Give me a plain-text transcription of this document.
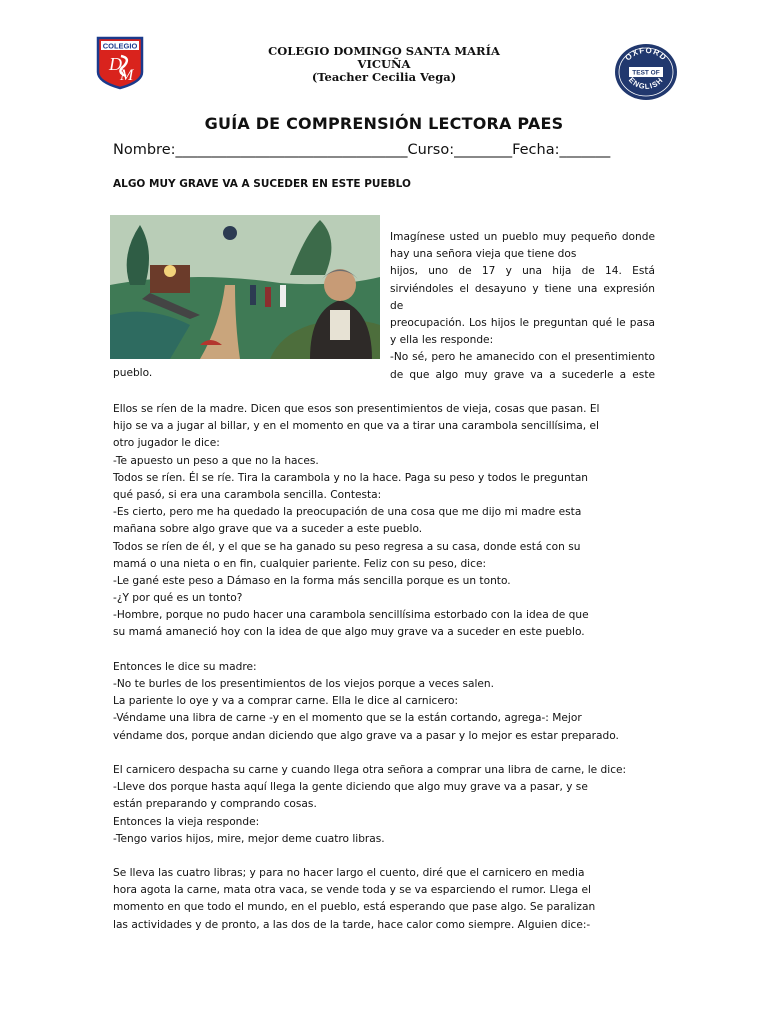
COLEGIO
D
M
COLEGIO DOMINGO SANTA MARÍA
VICUÑA
(Teacher Cecilia Vega)
OXFORD
TEST OF
ENGLISH
GUÍA DE COMPRENSIÓN LECTORA PAES
Nombre:________________________________Curso:________Fecha:_______
ALGO MUY GRAVE VA A SUCEDER EN ESTE PUEBLO

Imagínese usted un pueblo muy pequeño donde

hay una señora vieja que tiene dos

hijos, uno de 17 y una hija de 14. Está

sirviéndoles el desayuno y tiene una expresión de

preocupación. Los hijos le preguntan qué le pasa

y ella les responde:

-No sé, pero he amanecido con el presentimiento

de que algo muy grave va a sucederle a este

pueblo.
Ellos se ríen de la madre. Dicen que esos son presentimientos de vieja, cosas que pasan. El
hijo se va a jugar al billar, y en el momento en que va a tirar una carambola sencillísima, el
otro jugador le dice:
-Te apuesto un peso a que no la haces.
Todos se ríen. Él se ríe. Tira la carambola y no la hace. Paga su peso y todos le preguntan
qué pasó, si era una carambola sencilla. Contesta:
-Es cierto, pero me ha quedado la preocupación de una cosa que me dijo mi madre esta
mañana sobre algo grave que va a suceder a este pueblo.
Todos se ríen de él, y el que se ha ganado su peso regresa a su casa, donde está con su
mamá o una nieta o en fin, cualquier pariente. Feliz con su peso, dice:
-Le gané este peso a Dámaso en la forma más sencilla porque es un tonto.
-¿Y por qué es un tonto?
-Hombre, porque no pudo hacer una carambola sencillísima estorbado con la idea de que
su mamá amaneció hoy con la idea de que algo muy grave va a suceder en este pueblo.
Entonces le dice su madre:
-No te burles de los presentimientos de los viejos porque a veces salen.
La pariente lo oye y va a comprar carne. Ella le dice al carnicero:
-Véndame una libra de carne -y en el momento que se la están cortando, agrega-: Mejor
véndame dos, porque andan diciendo que algo grave va a pasar y lo mejor es estar preparado.
El carnicero despacha su carne y cuando llega otra señora a comprar una libra de carne, le dice:
-Lleve dos porque hasta aquí llega la gente diciendo que algo muy grave va a pasar, y se
están preparando y comprando cosas.
Entonces la vieja responde:
-Tengo varios hijos, mire, mejor deme cuatro libras.
Se lleva las cuatro libras; y para no hacer largo el cuento, diré que el carnicero en media
hora agota la carne, mata otra vaca, se vende toda y se va esparciendo el rumor. Llega el
momento en que todo el mundo, en el pueblo, está esperando que pase algo. Se paralizan
las actividades y de pronto, a las dos de la tarde, hace calor como siempre. Alguien dice:-
